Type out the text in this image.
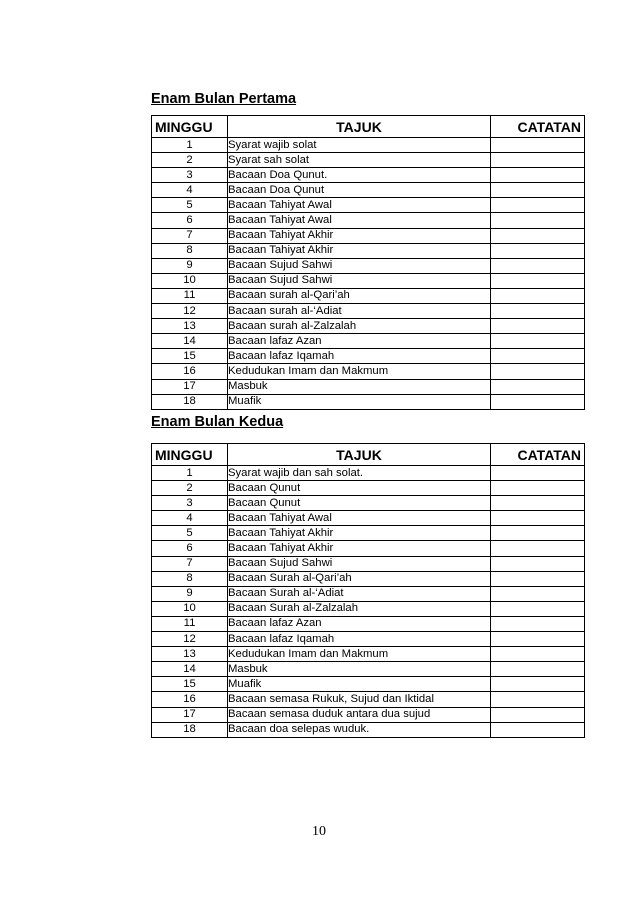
Enam Bulan Pertama
MINGGU	TAJUK	CATATAN
1	Syarat wajib solat	
2	Syarat sah solat	
3	Bacaan Doa Qunut.	
4	Bacaan Doa Qunut	
5	Bacaan Tahiyat Awal	
6	Bacaan Tahiyat Awal	
7	Bacaan Tahiyat Akhir	
8	Bacaan Tahiyat Akhir	
9	Bacaan Sujud Sahwi	
10	Bacaan Sujud Sahwi	
11	Bacaan surah al-Qari’ah	
12	Bacaan surah al-‘Adiat	
13	Bacaan surah al-Zalzalah	
14	Bacaan lafaz Azan	
15	Bacaan lafaz Iqamah	
16	Kedudukan Imam dan Makmum	
17	Masbuk	
18	Muafik	
Enam Bulan Kedua
MINGGU	TAJUK	CATATAN
1	Syarat wajib dan sah solat.	
2	Bacaan Qunut	
3	Bacaan Qunut	
4	Bacaan Tahiyat Awal	
5	Bacaan Tahiyat Akhir	
6	Bacaan Tahiyat Akhir	
7	Bacaan Sujud Sahwi	
8	Bacaan Surah al-Qari’ah	
9	Bacaan Surah al-‘Adiat	
10	Bacaan Surah al-Zalzalah	
11	Bacaan lafaz Azan	
12	Bacaan lafaz Iqamah	
13	Kedudukan Imam dan Makmum	
14	Masbuk	
15	Muafik	
16	Bacaan semasa Rukuk, Sujud dan Iktidal	
17	Bacaan semasa duduk antara dua sujud	
18	Bacaan doa selepas wuduk.	
10
